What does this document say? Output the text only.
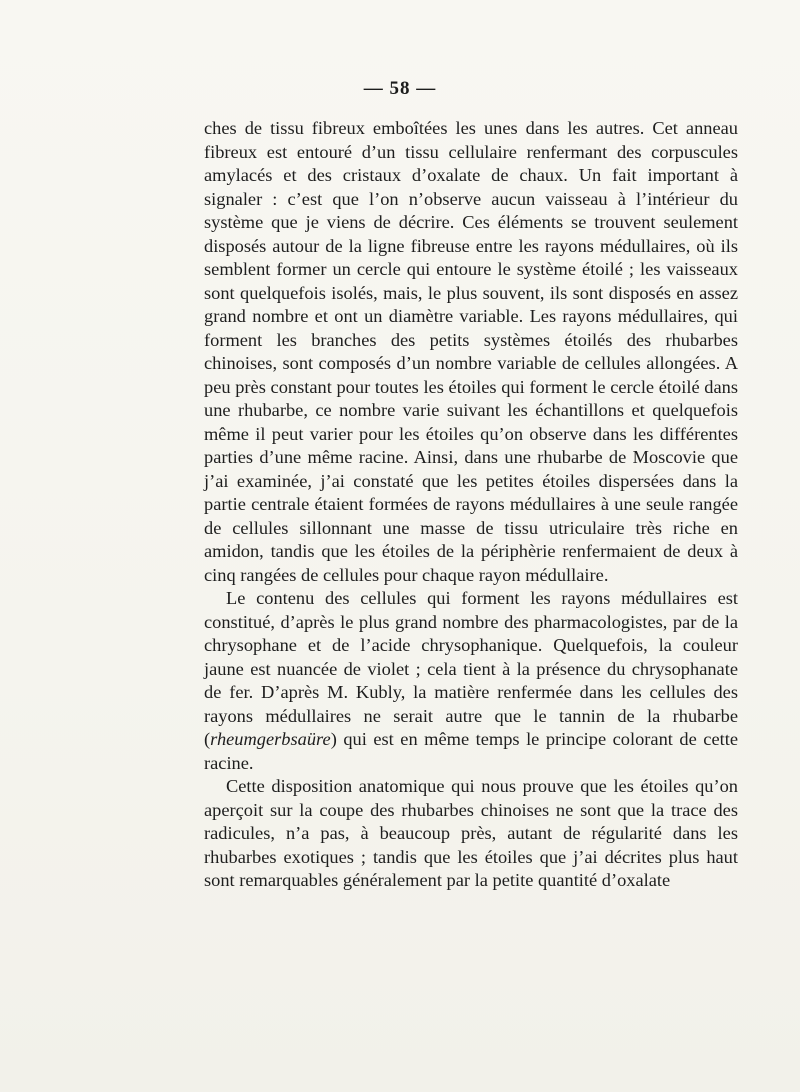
— 58 —

ches de tissu fibreux emboîtées les unes dans les autres. Cet anneau fibreux est entouré d’un tissu cellulaire renfermant des corpuscules amylacés et des cristaux d’oxalate de chaux. Un fait important à signaler : c’est que l’on n’observe aucun vaisseau à l’intérieur du système que je viens de décrire. Ces éléments se trouvent seulement disposés autour de la ligne fibreuse entre les rayons médullaires, où ils semblent former un cercle qui entoure le système étoilé ; les vaisseaux sont quelquefois isolés, mais, le plus souvent, ils sont disposés en assez grand nombre et ont un diamètre variable. Les rayons médullaires, qui forment les branches des petits systèmes étoilés des rhubarbes chinoises, sont composés d’un nombre variable de cellules allongées. A peu près constant pour toutes les étoiles qui forment le cercle étoilé dans une rhubarbe, ce nombre varie suivant les échantillons et quelquefois même il peut varier pour les étoiles qu’on observe dans les différentes parties d’une même racine. Ainsi, dans une rhubarbe de Moscovie que j’ai examinée, j’ai constaté que les petites étoiles dispersées dans la partie centrale étaient formées de rayons médullaires à une seule rangée de cellules sillonnant une masse de tissu utriculaire très riche en amidon, tandis que les étoiles de la périphèrie renfermaient de deux à cinq rangées de cellules pour chaque rayon médullaire.

Le contenu des cellules qui forment les rayons médullaires est constitué, d’après le plus grand nombre des pharmacologistes, par de la chrysophane et de l’acide chrysophanique. Quelquefois, la couleur jaune est nuancée de violet ; cela tient à la présence du chrysophanate de fer. D’après M. Kubly, la matière renfermée dans les cellules des rayons médullaires ne serait autre que le tannin de la rhubarbe (rheumgerbsaüre) qui est en même temps le principe colorant de cette racine.

Cette disposition anatomique qui nous prouve que les étoiles qu’on aperçoit sur la coupe des rhubarbes chinoises ne sont que la trace des radicules, n’a pas, à beaucoup près, autant de régularité dans les rhubarbes exotiques ; tandis que les étoiles que j’ai décrites plus haut sont remarquables généralement par la petite quantité d’oxalate
